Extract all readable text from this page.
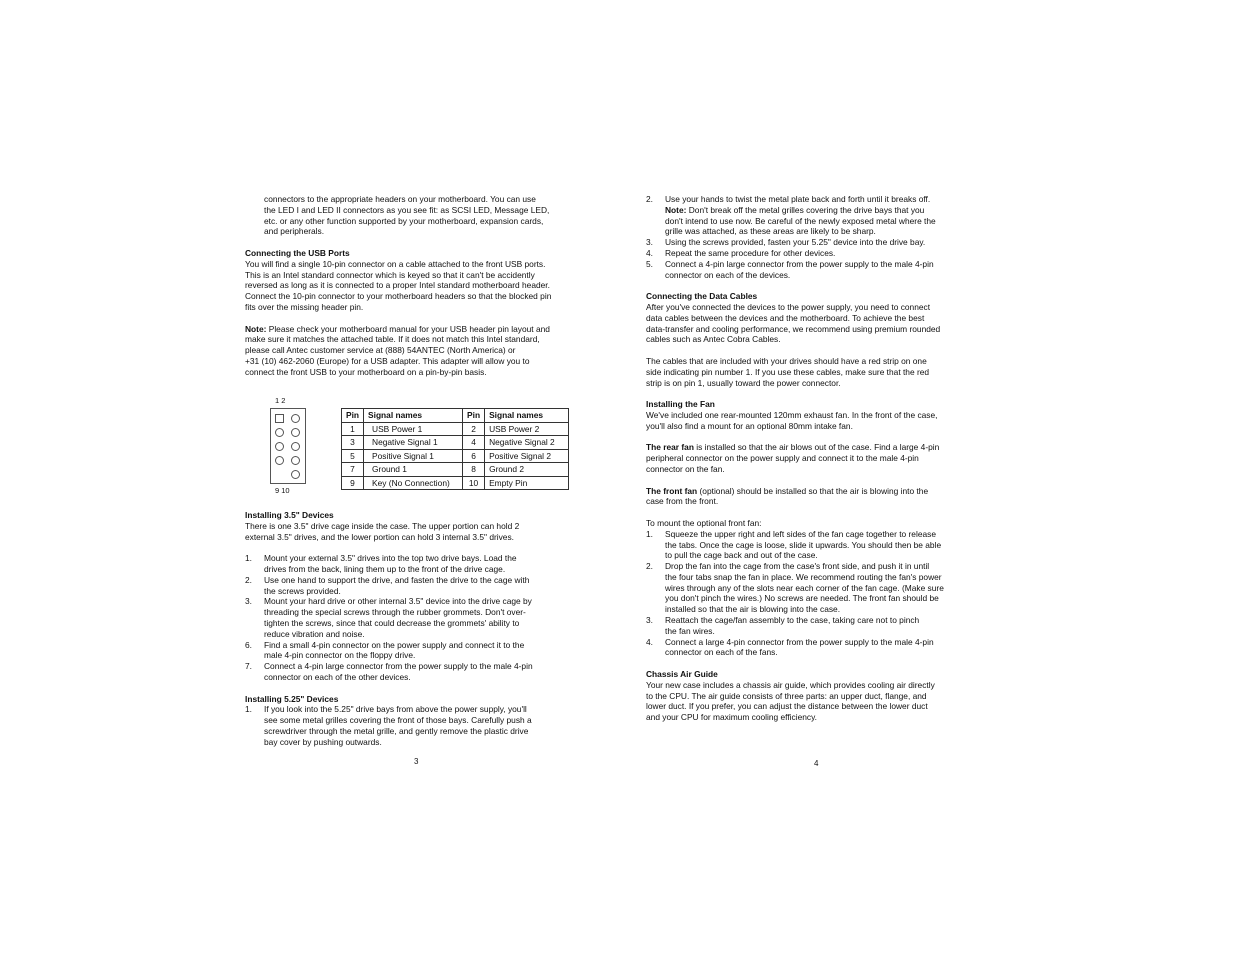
connectors to the appropriate headers on your motherboard. You can use

the LED I and LED II connectors as you see fit: as SCSI LED, Message LED,

etc. or any other function supported by your motherboard, expansion cards,

and peripherals.

Connecting the USB Ports

You will find a single 10-pin connector on a cable attached to the front USB ports.

This is an Intel standard connector which is keyed so that it can't be accidently

reversed as long as it is connected to a proper Intel standard motherboard header.

Connect the 10-pin connector to your motherboard headers so that the blocked pin

fits over the missing header pin.

Note: Please check your motherboard manual for your USB header pin layout and

make sure it matches the attached table. If it does not match this Intel standard,

please call Antec customer service at (888) 54ANTEC (North America) or

+31 (10) 462-2060 (Europe) for a USB adapter. This adapter will allow you to

connect the front USB to your motherboard on a pin-by-pin basis.

1 2
9 10
Pin	Signal names	Pin	Signal names
1	USB Power 1	2	USB Power 2
3	Negative Signal 1	4	Negative Signal 2
5	Positive Signal 1	6	Positive Signal 2
7	Ground 1	8	Ground 2
9	Key (No Connection)	10	Empty Pin

Installing 3.5" Devices

There is one 3.5" drive cage inside the case. The upper portion can hold 2

external 3.5" drives, and the lower portion can hold 3 internal 3.5" drives.

1. Mount your external 3.5" drives into the top two drive bays. Load the

drives from the back, lining them up to the front of the drive cage.

2. Use one hand to support the drive, and fasten the drive to the cage with

the screws provided.

3. Mount your hard drive or other internal 3.5" device into the drive cage by

threading the special screws through the rubber grommets. Don't over-

tighten the screws, since that could decrease the grommets' ability to

reduce vibration and noise.

6. Find a small 4-pin connector on the power supply and connect it to the

male 4-pin connector on the floppy drive.

7. Connect a 4-pin large connector from the power supply to the male 4-pin

connector on each of the other devices.

Installing 5.25" Devices

1. If you look into the 5.25" drive bays from above the power supply, you'll

see some metal grilles covering the front of those bays. Carefully push a

screwdriver through the metal grille, and gently remove the plastic drive

bay cover by pushing outwards.

3
2. Use your hands to twist the metal plate back and forth until it breaks off.

Note: Don't break off the metal grilles covering the drive bays that you

don't intend to use now. Be careful of the newly exposed metal where the

grille was attached, as these areas are likely to be sharp.

3. Using the screws provided, fasten your 5.25" device into the drive bay.

4. Repeat the same procedure for other devices.

5. Connect a 4-pin large connector from the power supply to the male 4-pin

connector on each of the devices.

Connecting the Data Cables

After you've connected the devices to the power supply, you need to connect

data cables between the devices and the motherboard. To achieve the best

data-transfer and cooling performance, we recommend using premium rounded

cables such as Antec Cobra Cables.

The cables that are included with your drives should have a red strip on one

side indicating pin number 1. If you use these cables, make sure that the red

strip is on pin 1, usually toward the power connector.

Installing the Fan

We've included one rear-mounted 120mm exhaust fan. In the front of the case,

you'll also find a mount for an optional 80mm intake fan.

The rear fan is installed so that the air blows out of the case. Find a large 4-pin

peripheral connector on the power supply and connect it to the male 4-pin

connector on the fan.

The front fan (optional) should be installed so that the air is blowing into the

case from the front.

To mount the optional front fan:

1. Squeeze the upper right and left sides of the fan cage together to release

the tabs. Once the cage is loose, slide it upwards. You should then be able

to pull the cage back and out of the case.

2. Drop the fan into the cage from the case's front side, and push it in until

the four tabs snap the fan in place. We recommend routing the fan's power

wires through any of the slots near each corner of the fan cage. (Make sure

you don't pinch the wires.) No screws are needed. The front fan should be

installed so that the air is blowing into the case.

3. Reattach the cage/fan assembly to the case, taking care not to pinch

the fan wires.

4. Connect a large 4-pin connector from the power supply to the male 4-pin

connector on each of the fans.

Chassis Air Guide

Your new case includes a chassis air guide, which provides cooling air directly

to the CPU. The air guide consists of three parts: an upper duct, flange, and

lower duct. If you prefer, you can adjust the distance between the lower duct

and your CPU for maximum cooling efficiency.

4
